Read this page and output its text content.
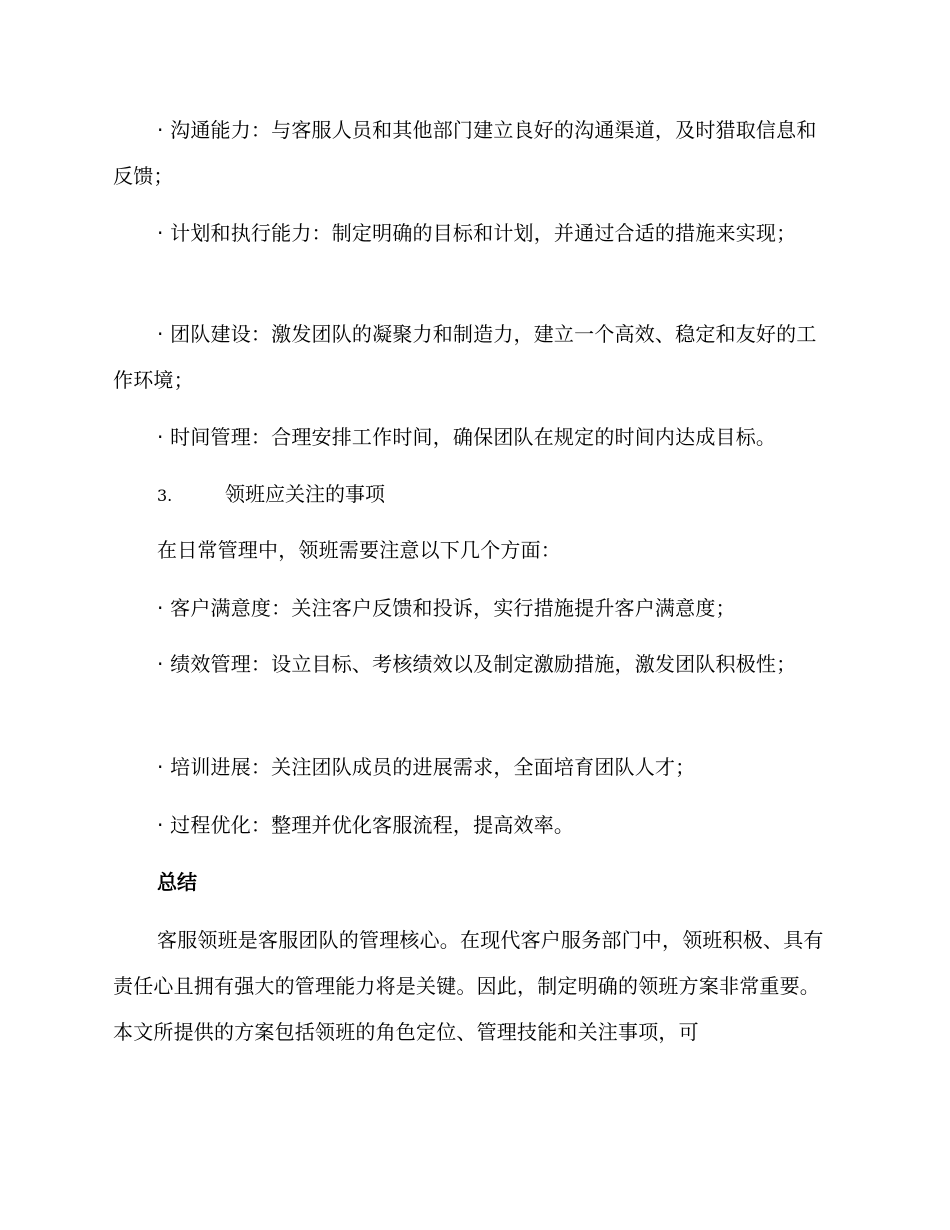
· 沟通能力：与客服人员和其他部门建立良好的沟通渠道，及时猎取信息和反馈；

· 计划和执行能力：制定明确的目标和计划，并通过合适的措施来实现；

· 团队建设：激发团队的凝聚力和制造力，建立一个高效、稳定和友好的工作环境；

· 时间管理：合理安排工作时间，确保团队在规定的时间内达成目标。

3.	领班应关注的事项

在日常管理中，领班需要注意以下几个方面：

· 客户满意度：关注客户反馈和投诉，实行措施提升客户满意度；

· 绩效管理：设立目标、考核绩效以及制定激励措施，激发团队积极性；

· 培训进展：关注团队成员的进展需求，全面培育团队人才；

· 过程优化：整理并优化客服流程，提高效率。

总结

客服领班是客服团队的管理核心。在现代客户服务部门中，领班积极、具有责任心且拥有强大的管理能力将是关键。因此，制定明确的领班方案非常重要。本文所提供的方案包括领班的角色定位、管理技能和关注事项，可
